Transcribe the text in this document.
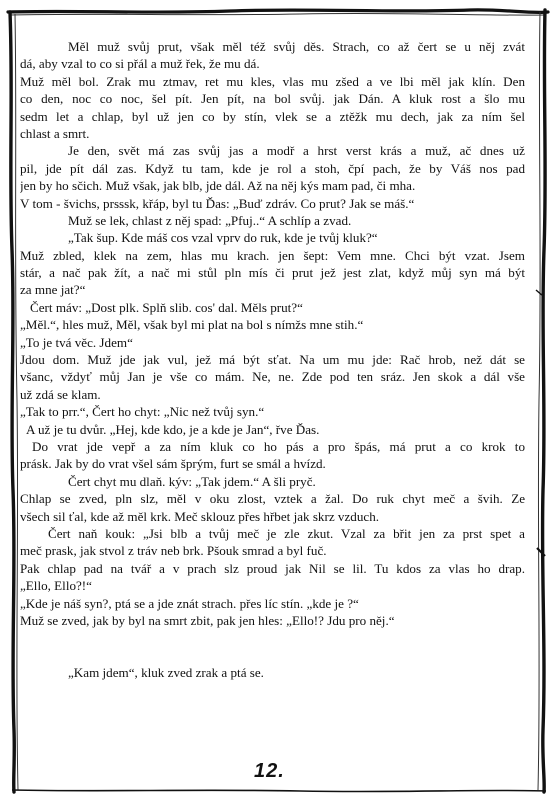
Měl muž svůj prut, však měl též svůj děs. Strach, co až čert se u něj zvát
dá, aby vzal to co si přál a muž řek, že mu dá.
Muž měl bol. Zrak mu ztmav, ret mu kles, vlas mu zšed a ve lbi měl jak klín. Den
co den, noc co noc, šel pít. Jen pít, na bol svůj. jak Dán. A kluk rost a šlo mu
sedm let a chlap, byl už jen co by stín, vlek se a ztěžk mu dech, jak za ním šel
chlast a smrt.
Je den, svět má zas svůj jas a modř a hrst verst krás a muž, ač dnes už
pil, jde pít dál zas. Když tu tam, kde je rol a stoh, čpí pach, že by Váš nos pad
jen by ho sčich. Muž však, jak blb, jde dál. Až na něj kýs mam pad, či mha.
V tom - švichs, prsssk, křáp, byl tu Ďas: „Buď zdráv. Co prut? Jak se máš.“
Muž se lek, chlast z něj spad: „Pfuj..“ A schlíp a zvad.
„Tak šup. Kde máš cos vzal vprv do ruk, kde je tvůj kluk?“
Muž zbled, klek na zem, hlas mu krach. jen šept: Vem mne. Chci být vzat. Jsem
stár, a nač pak žít, a nač mi stůl pln mís či prut jež jest zlat, když můj syn má být
za mne jat?“
Čert máv: „Dost plk. Splň slib. cos' dal. Měls prut?“
„Měl.“, hles muž, Měl, však byl mi plat na bol s nímžs mne stih.“
„To je tvá věc. Jdem“
Jdou dom. Muž jde jak vul, jež má být sťat. Na um mu jde: Rač hrob, než dát se
všanc, vždyť můj Jan je vše co mám. Ne, ne. Zde pod ten sráz. Jen skok a dál vše
už zdá se klam.
„Tak to prr.“, Čert ho chyt: „Nic než tvůj syn.“
A už je tu dvůr. „Hej, kde kdo, je a kde je Jan“, řve Ďas.
Do vrat jde vepř a za ním kluk co ho pás a pro špás, má prut a co krok to
prásk. Jak by do vrat všel sám šprým, furt se smál a hvízd.
Čert chyt mu dlaň. kýv: „Tak jdem.“ A šli pryč.
Chlap se zved, pln slz, měl v oku zlost, vztek a žal. Do ruk chyt meč a švih. Ze
všech sil ťal, kde až měl krk. Meč sklouz přes hřbet jak skrz vzduch.
Čert naň kouk: „Jsi blb a tvůj meč je zle zkut. Vzal za břit jen za prst spet a
meč prask, jak stvol z tráv neb brk. Pšouk smrad a byl fuč.
Pak chlap pad na tvář a v prach slz proud jak Nil se lil. Tu kdos za vlas ho drap.
„Ello, Ello?!“
„Kde je náš syn?, ptá se a jde znát strach. přes líc stín. „kde je ?“
Muž se zved, jak by byl na smrt zbit, pak jen hles: „Ello!? Jdu pro něj.“
„Kam jdem“, kluk zved zrak a ptá se.
12.
